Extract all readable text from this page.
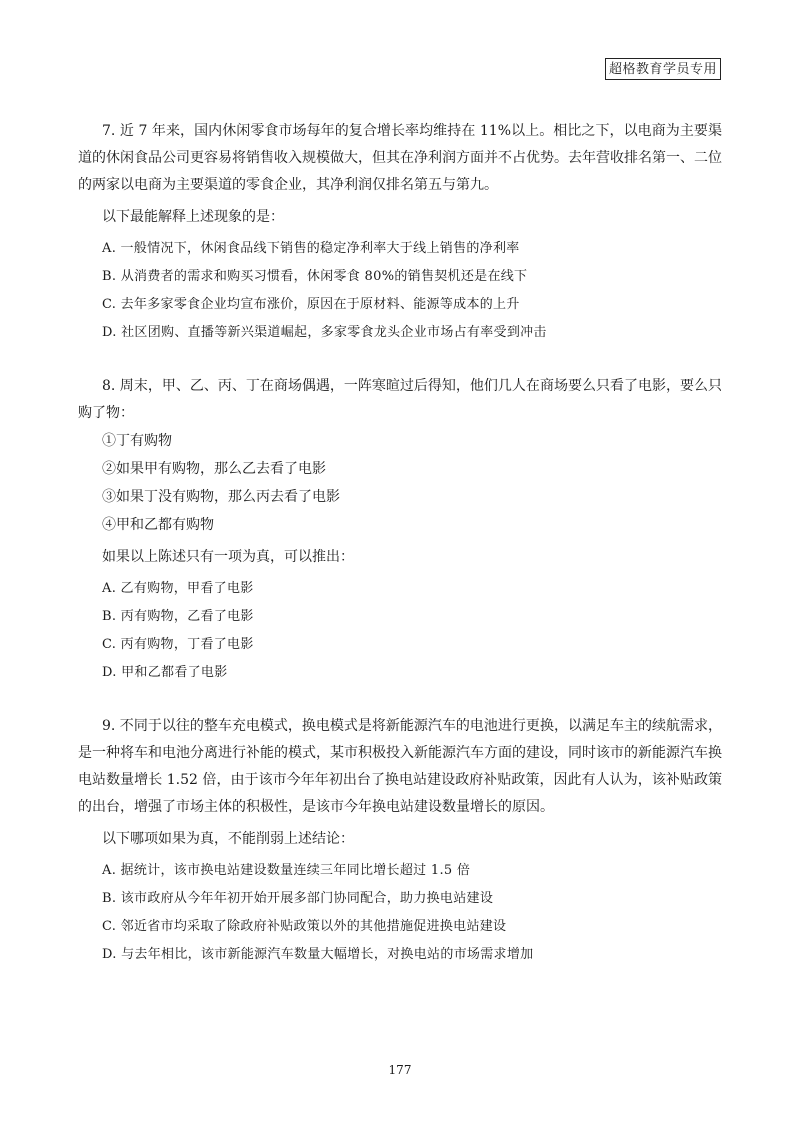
超格教育学员专用

7. 近 7 年来，国内休闲零食市场每年的复合增长率均维持在 11%以上。相比之下，以电商为主要渠道的休闲食品公司更容易将销售收入规模做大，但其在净利润方面并不占优势。去年营收排名第一、二位的两家以电商为主要渠道的零食企业，其净利润仅排名第五与第九。

以下最能解释上述现象的是：
A. 一般情况下，休闲食品线下销售的稳定净利率大于线上销售的净利率
B. 从消费者的需求和购买习惯看，休闲零食 80%的销售契机还是在线下
C. 去年多家零食企业均宣布涨价，原因在于原材料、能源等成本的上升
D. 社区团购、直播等新兴渠道崛起，多家零食龙头企业市场占有率受到冲击

8. 周末，甲、乙、丙、丁在商场偶遇，一阵寒暄过后得知，他们几人在商场要么只看了电影，要么只购了物：

①丁有购物
②如果甲有购物，那么乙去看了电影
③如果丁没有购物，那么丙去看了电影
④甲和乙都有购物
如果以上陈述只有一项为真，可以推出：
A. 乙有购物，甲看了电影
B. 丙有购物，乙看了电影
C. 丙有购物，丁看了电影
D. 甲和乙都看了电影

9. 不同于以往的整车充电模式，换电模式是将新能源汽车的电池进行更换，以满足车主的续航需求，是一种将车和电池分离进行补能的模式，某市积极投入新能源汽车方面的建设，同时该市的新能源汽车换电站数量增长 1.52 倍，由于该市今年年初出台了换电站建设政府补贴政策，因此有人认为，该补贴政策的出台，增强了市场主体的积极性，是该市今年换电站建设数量增长的原因。

以下哪项如果为真，不能削弱上述结论：
A. 据统计，该市换电站建设数量连续三年同比增长超过 1.5 倍
B. 该市政府从今年年初开始开展多部门协同配合，助力换电站建设
C. 邻近省市均采取了除政府补贴政策以外的其他措施促进换电站建设
D. 与去年相比，该市新能源汽车数量大幅增长，对换电站的市场需求增加
177
